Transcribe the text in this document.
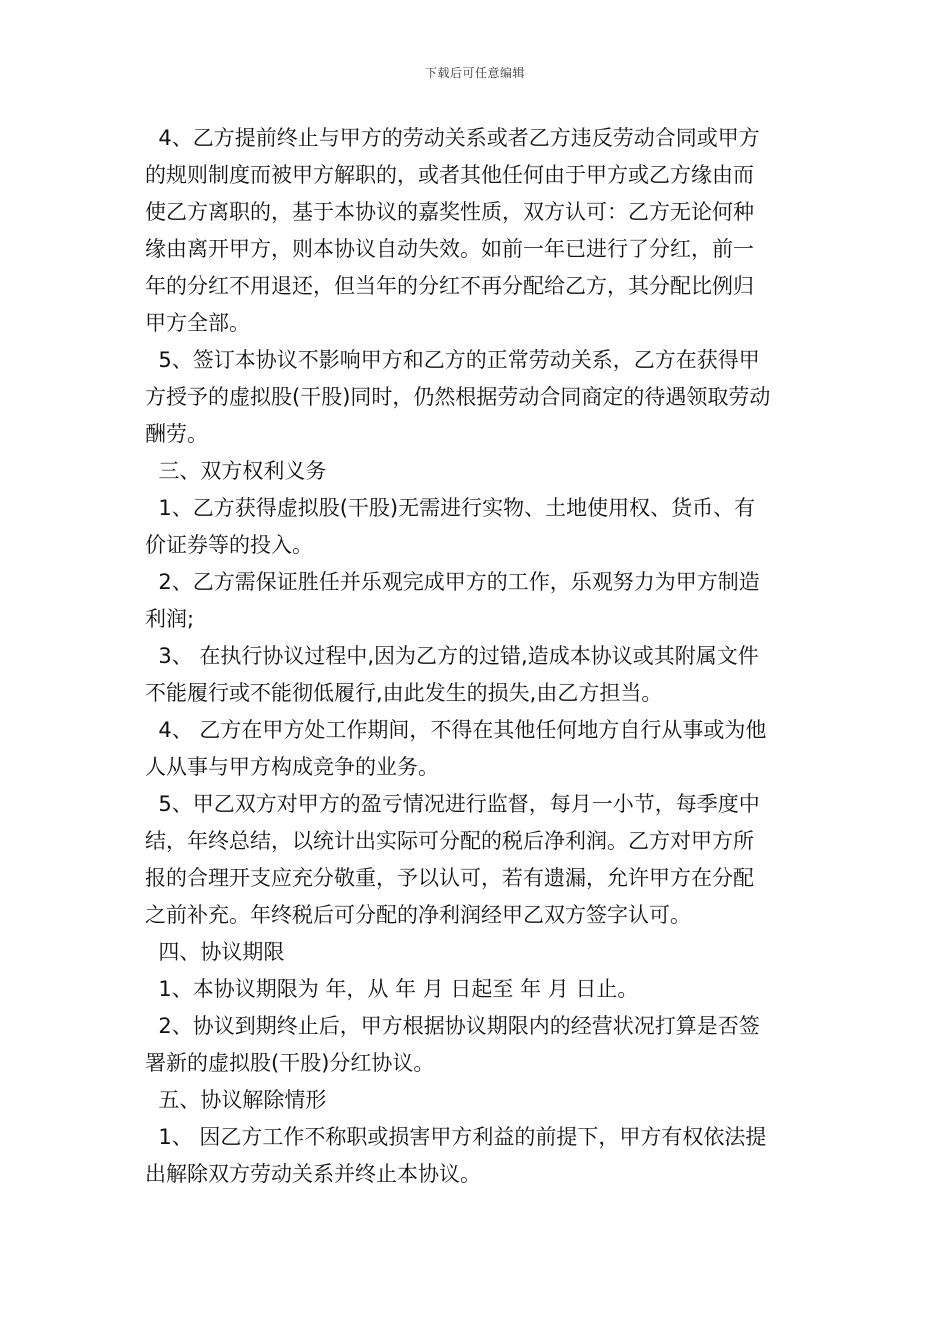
下载后可任意编辑
4、乙方提前终止与甲方的劳动关系或者乙方违反劳动合同或甲方
的规则制度而被甲方解职的，或者其他任何由于甲方或乙方缘由而
使乙方离职的，基于本协议的嘉奖性质，双方认可：乙方无论何种
缘由离开甲方，则本协议自动失效。如前一年已进行了分红，前一
年的分红不用退还，但当年的分红不再分配给乙方，其分配比例归
甲方全部。
5、签订本协议不影响甲方和乙方的正常劳动关系，乙方在获得甲
方授予的虚拟股(干股)同时，仍然根据劳动合同商定的待遇领取劳动
酬劳。
三、双方权利义务
1、乙方获得虚拟股(干股)无需进行实物、土地使用权、货币、有
价证券等的投入。
2、乙方需保证胜任并乐观完成甲方的工作，乐观努力为甲方制造
利润;
3、 在执行协议过程中,因为乙方的过错,造成本协议或其附属文件
不能履行或不能彻低履行,由此发生的损失,由乙方担当。
4、 乙方在甲方处工作期间，不得在其他任何地方自行从事或为他
人从事与甲方构成竞争的业务。
5、甲乙双方对甲方的盈亏情况进行监督，每月一小节，每季度中
结，年终总结，以统计出实际可分配的税后净利润。乙方对甲方所
报的合理开支应充分敬重，予以认可，若有遗漏，允许甲方在分配
之前补充。年终税后可分配的净利润经甲乙双方签字认可。
四、协议期限
1、本协议期限为 年，从 年 月 日起至 年 月 日止。
2、协议到期终止后，甲方根据协议期限内的经营状况打算是否签
署新的虚拟股(干股)分红协议。
五、协议解除情形
1、 因乙方工作不称职或损害甲方利益的前提下，甲方有权依法提
出解除双方劳动关系并终止本协议。
